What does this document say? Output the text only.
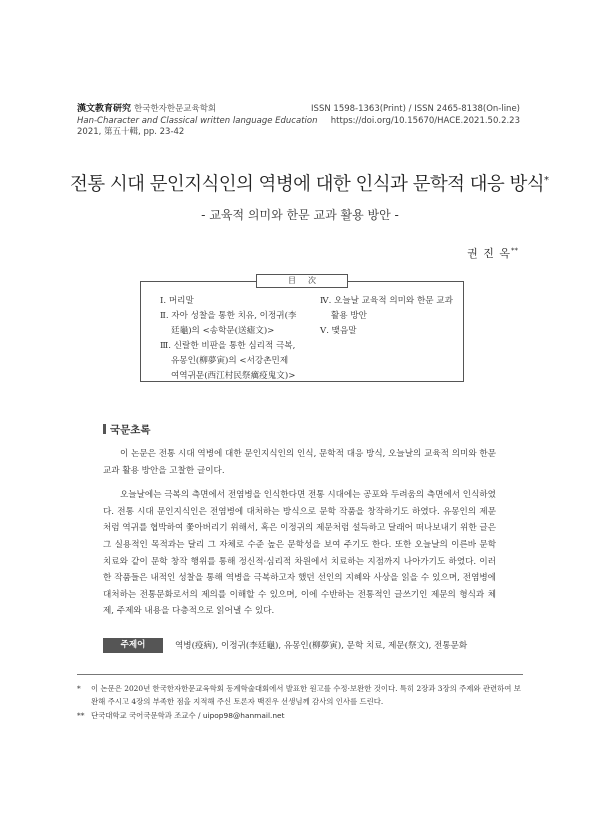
漢文教育研究 한국한자한문교육학회
Han-Character and Classical written language Education
2021, 第五十輯, pp. 23-42
ISSN 1598-1363(Print) / ISSN 2465-8138(On-line)
https://doi.org/10.15670/HACE.2021.50.2.23
전통 시대 문인지식인의 역병에 대한 인식과 문학적 대응 방식*
- 교육적 의미와 한문 교과 활용 방안 -
권 진 옥**
目次
Ⅰ. 머리말
Ⅱ. 자아 성찰을 통한 치유, 이정귀(李
廷龜)의 <송학문(送瘧文)>
Ⅲ. 신랄한 비판을 통한 심리적 극복,
유몽인(柳夢寅)의 <서강촌민제
여역귀문(西江村民祭癘疫鬼文)>
Ⅳ. 오늘날 교육적 의미와 한문 교과
활용 방안
Ⅴ. 맺음말
국문초록

이 논문은 전통 시대 역병에 대한 문인지식인의 인식, 문학적 대응 방식, 오늘날의 교육적 의미와 한문 교과 활용 방안을 고찰한 글이다.

오늘날에는 극복의 측면에서 전염병을 인식한다면 전통 시대에는 공포와 두려움의 측면에서 인식하였다. 전통 시대 문인지식인은 전염병에 대처하는 방식으로 문학 작품을 창작하기도 하였다. 유몽인의 제문처럼 역귀를 협박하여 쫓아버리기 위해서, 혹은 이정귀의 제문처럼 설득하고 달래어 떠나보내기 위한 글은 그 실용적인 목적과는 달리 그 자체로 수준 높은 문학성을 보여 주기도 한다. 또한 오늘날의 이른바 문학 치료와 같이 문학 창작 행위를 통해 정신적·심리적 차원에서 치료하는 지점까지 나아가기도 하였다. 이러한 작품들은 내적인 성찰을 통해 역병을 극복하고자 했던 선인의 지혜와 사상을 읽을 수 있으며, 전염병에 대처하는 전통문화로서의 제의를 이해할 수 있으며, 이에 수반하는 전통적인 글쓰기인 제문의 형식과 체제, 주제와 내용을 다층적으로 읽어낼 수 있다.

주제어	역병(疫病), 이정귀(李廷龜), 유몽인(柳夢寅), 문학 치료, 제문(祭文), 전통문화
* 이 논문은 2020년 한국한자한문교육학회 동계학술대회에서 발표한 원고를 수정·보완한 것이다. 특히 2장과 3장의 주제와 관련하여 보완해 주시고 4장의 부족한 점을 지적해 주신 토론자 백진우 선생님께 감사의 인사를 드린다.
** 단국대학교 국어국문학과 조교수 / uipop98@hanmail.net
